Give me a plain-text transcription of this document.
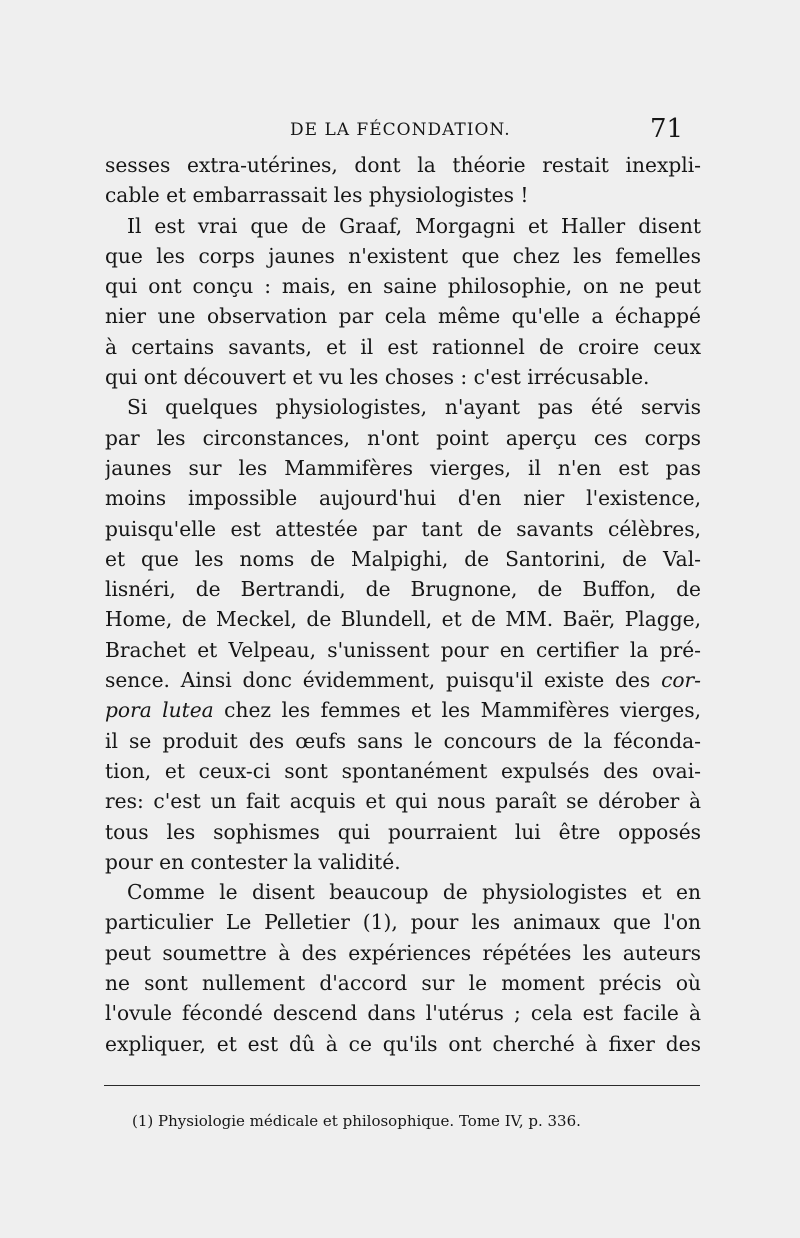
DE LA FÉCONDATION.	71
sesses extra-utérines, dont la théorie restait inexpli-
cable et embarrassait les physiologistes !
Il est vrai que de Graaf, Morgagni et Haller disent
que les corps jaunes n'existent que chez les femelles
qui ont conçu : mais, en saine philosophie, on ne peut
nier une observation par cela même qu'elle a échappé
à certains savants, et il est rationnel de croire ceux
qui ont découvert et vu les choses : c'est irrécusable.
Si quelques physiologistes, n'ayant pas été servis
par les circonstances, n'ont point aperçu ces corps
jaunes sur les Mammifères vierges, il n'en est pas
moins impossible aujourd'hui d'en nier l'existence,
puisqu'elle est attestée par tant de savants célèbres,
et que les noms de Malpighi, de Santorini, de Val-
lisnéri, de Bertrandi, de Brugnone, de Buffon, de
Home, de Meckel, de Blundell, et de MM. Baër, Plagge,
Brachet et Velpeau, s'unissent pour en certifier la pré-
sence. Ainsi donc évidemment, puisqu'il existe des cor-
pora lutea chez les femmes et les Mammifères vierges,
il se produit des œufs sans le concours de la féconda-
tion, et ceux-ci sont spontanément expulsés des ovai-
res: c'est un fait acquis et qui nous paraît se dérober à
tous les sophismes qui pourraient lui être opposés
pour en contester la validité.
Comme le disent beaucoup de physiologistes et en
particulier Le Pelletier (1), pour les animaux que l'on
peut soumettre à des expériences répétées les auteurs
ne sont nullement d'accord sur le moment précis où
l'ovule fécondé descend dans l'utérus ; cela est facile à
expliquer, et est dû à ce qu'ils ont cherché à fixer des
(1) Physiologie médicale et philosophique. Tome IV, p. 336.
